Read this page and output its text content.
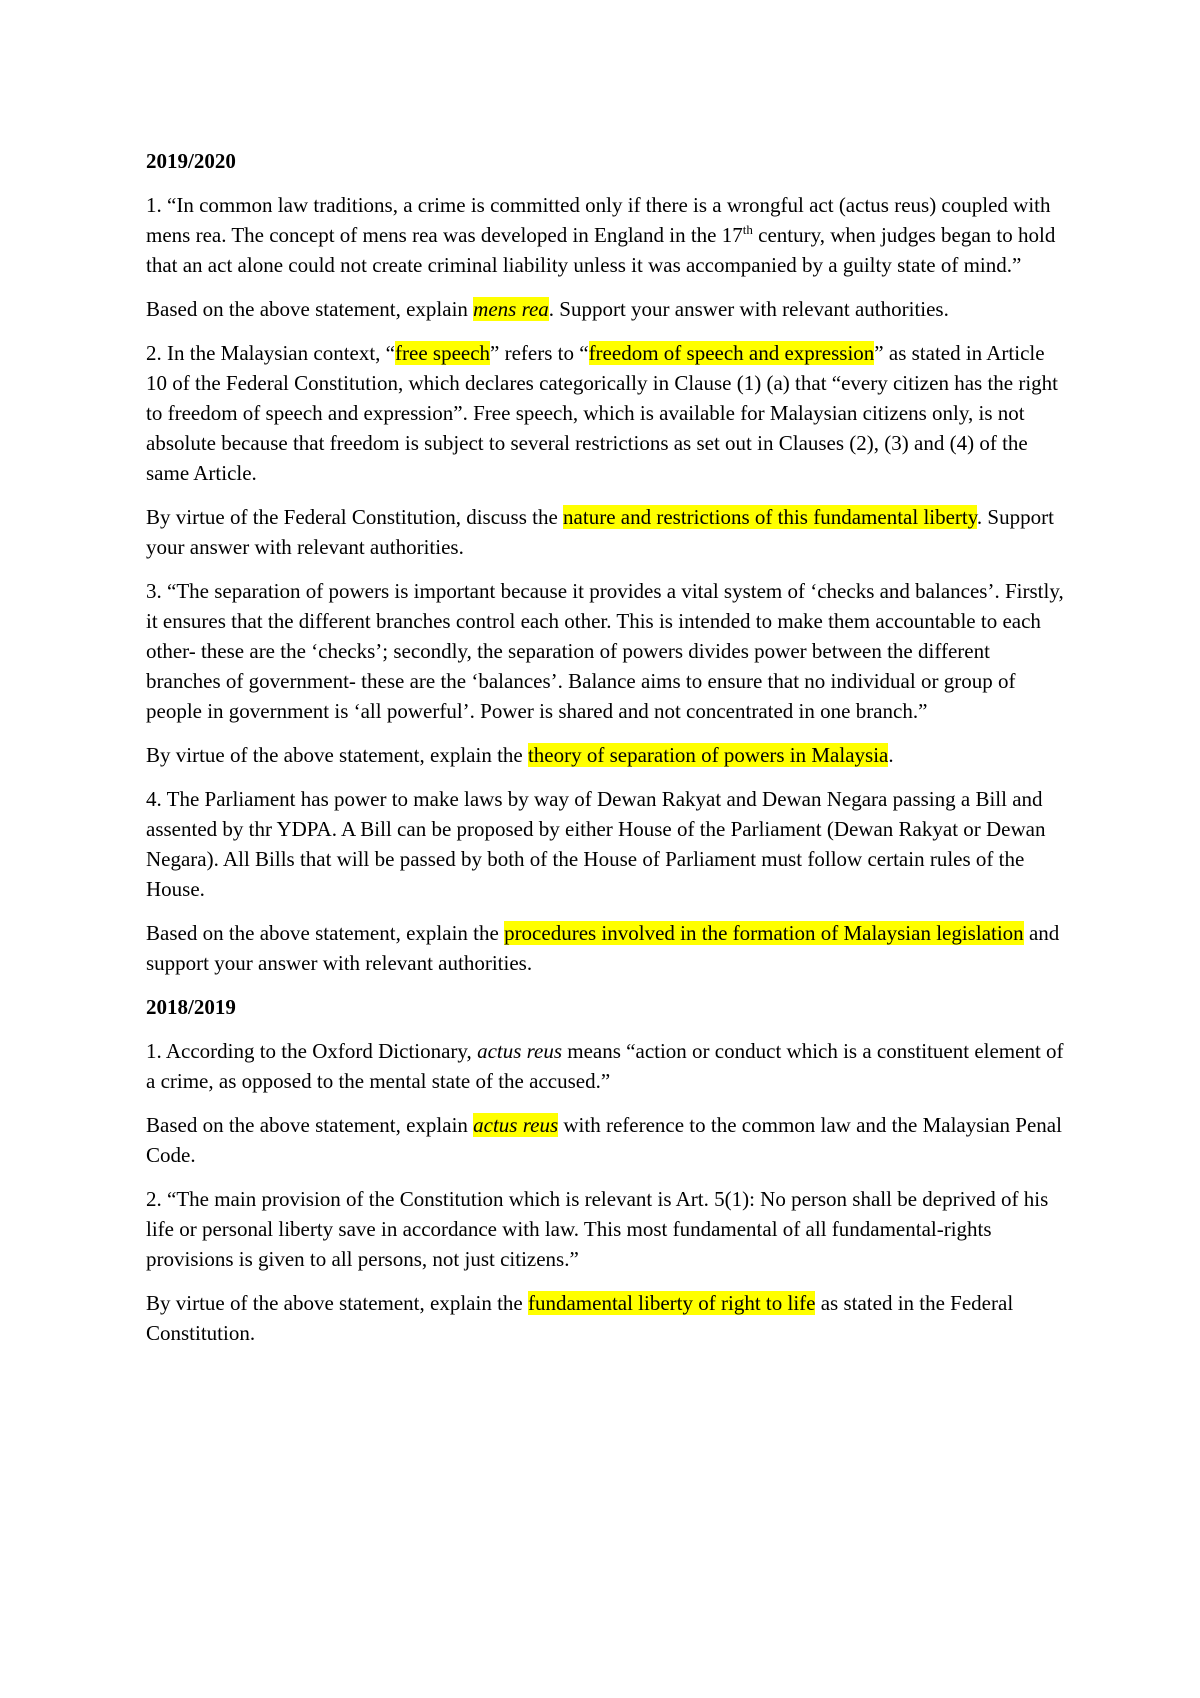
2019/2020

1. “In common law traditions, a crime is committed only if there is a wrongful act (actus reus) coupled with mens rea. The concept of mens rea was developed in England in the 17th century, when judges began to hold that an act alone could not create criminal liability unless it was accompanied by a guilty state of mind.”

Based on the above statement, explain mens rea. Support your answer with relevant authorities.

2. In the Malaysian context, “free speech” refers to “freedom of speech and expression” as stated in Article 10 of the Federal Constitution, which declares categorically in Clause (1) (a) that “every citizen has the right to freedom of speech and expression”. Free speech, which is available for Malaysian citizens only, is not absolute because that freedom is subject to several restrictions as set out in Clauses (2), (3) and (4) of the same Article.

By virtue of the Federal Constitution, discuss the nature and restrictions of this fundamental liberty. Support your answer with relevant authorities.

3. “The separation of powers is important because it provides a vital system of ‘checks and balances’. Firstly, it ensures that the different branches control each other. This is intended to make them accountable to each other- these are the ‘checks’; secondly, the separation of powers divides power between the different branches of government- these are the ‘balances’. Balance aims to ensure that no individual or group of people in government is ‘all powerful’. Power is shared and not concentrated in one branch.”

By virtue of the above statement, explain the theory of separation of powers in Malaysia.

4. The Parliament has power to make laws by way of Dewan Rakyat and Dewan Negara passing a Bill and assented by thr YDPA. A Bill can be proposed by either House of the Parliament (Dewan Rakyat or Dewan Negara). All Bills that will be passed by both of the House of Parliament must follow certain rules of the House.

Based on the above statement, explain the procedures involved in the formation of Malaysian legislation and support your answer with relevant authorities.

2018/2019

1. According to the Oxford Dictionary, actus reus means “action or conduct which is a constituent element of a crime, as opposed to the mental state of the accused.”

Based on the above statement, explain actus reus with reference to the common law and the Malaysian Penal Code.

2. “The main provision of the Constitution which is relevant is Art. 5(1): No person shall be deprived of his life or personal liberty save in accordance with law. This most fundamental of all fundamental-rights provisions is given to all persons, not just citizens.”

By virtue of the above statement, explain the fundamental liberty of right to life as stated in the Federal Constitution.
